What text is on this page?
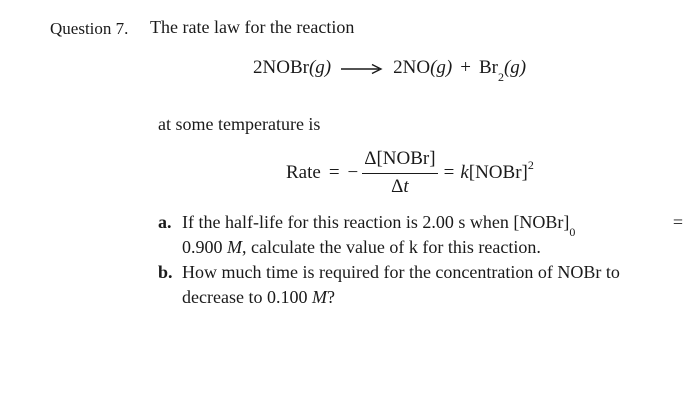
Question 7. The rate law for the reaction
2NOBr(g) → $2NO(g) + Br_2(g)$
at some temperature is
Rate = − $\frac{\text{Δ[NOBr]}}{\Delta t}$ = k[NOBr]$^2$
a. If the half-life for this reaction is 2.00 s when $[NOBr]_0$	=
0.900 M, calculate the value of k for this reaction.
b. How much time is required for the concentration of NOBr to
decrease to 0.100 M?
